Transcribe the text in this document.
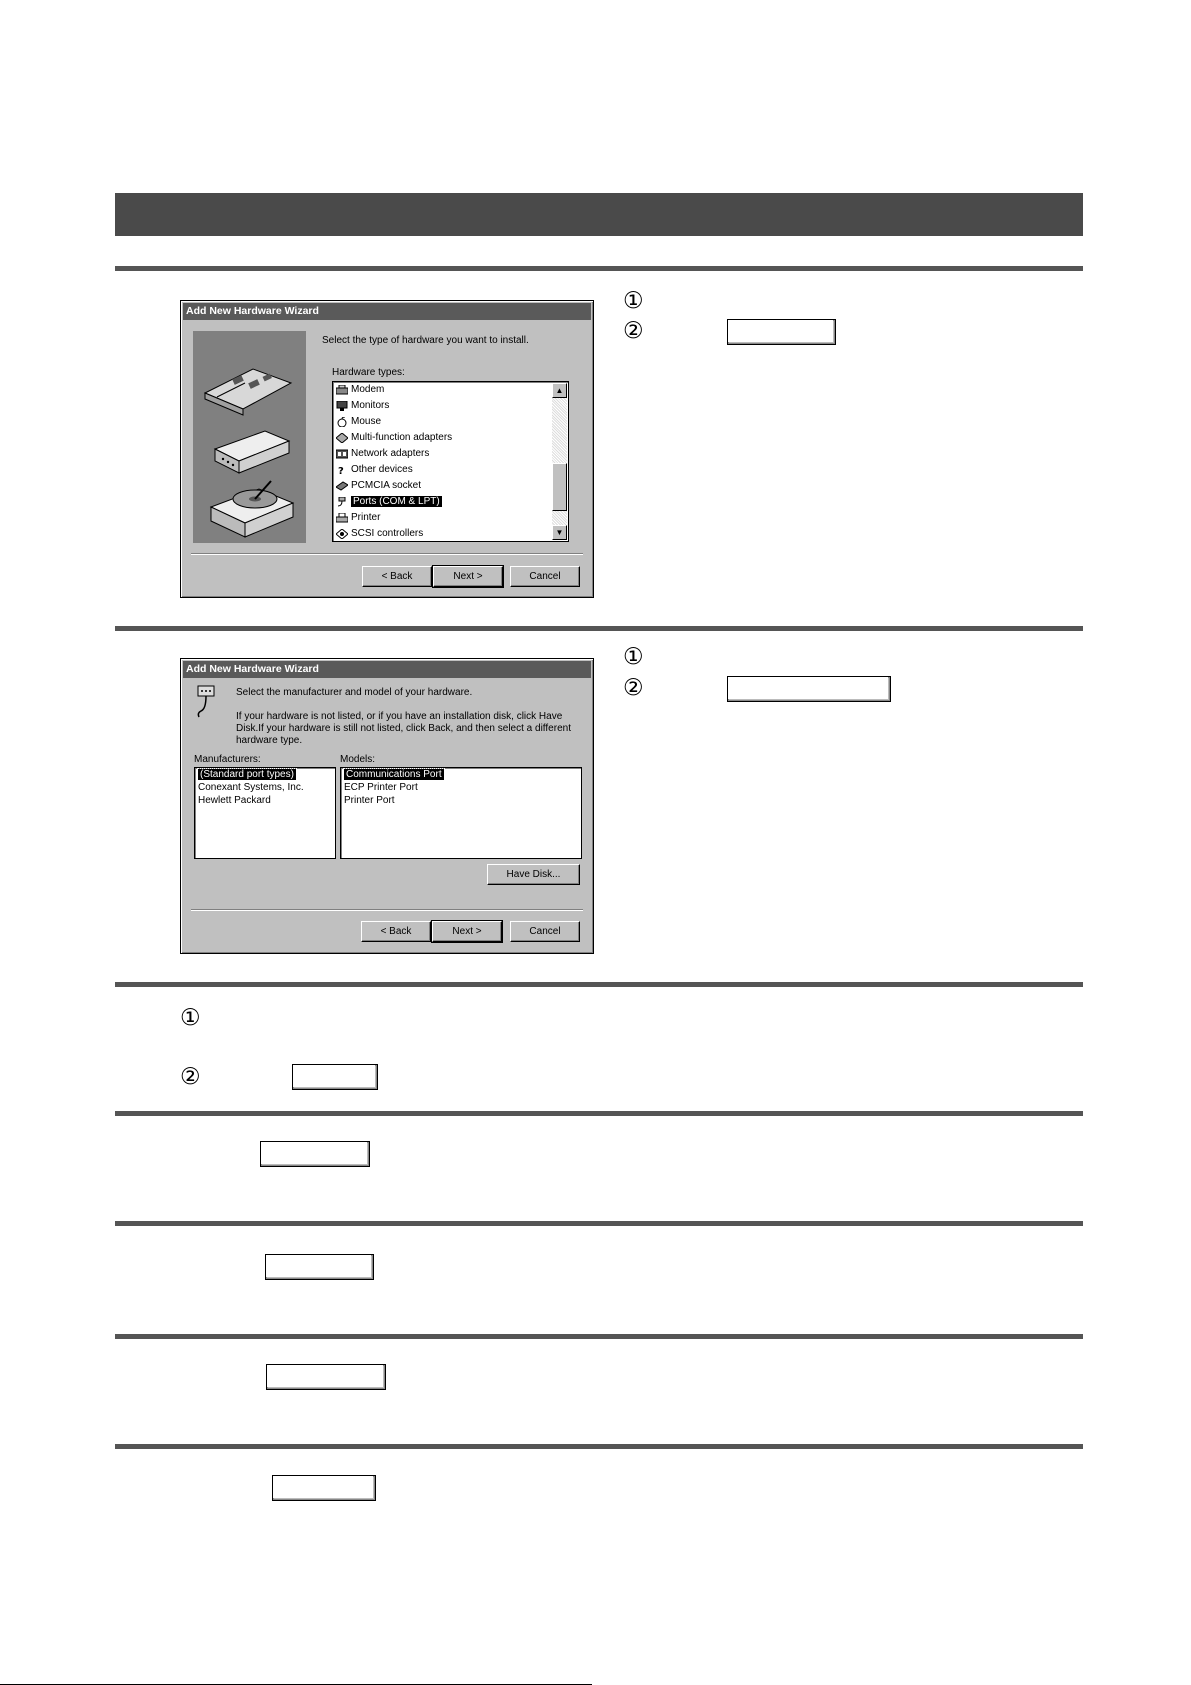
Add New Hardware Wizard
Select the type of hardware you want to install.
Hardware types:
Modem
Monitors
Mouse
Multi-function adapters
Network adapters
? Other devices
PCMCIA socket
Ports (COM & LPT)
Printer
SCSI controllers
▲
▼
< Back	Next >	Cancel
①
②
Add New Hardware Wizard
Select the manufacturer and model of your hardware.
If your hardware is not listed, or if you have an installation disk, click Have Disk.If your hardware is still not listed, click Back, and then select a different hardware type.
Manufacturers:
(Standard port types)
Conexant Systems, Inc.
Hewlett Packard
Models:
Communications Port
ECP Printer Port
Printer Port
Have Disk...
< Back	Next >	Cancel
①
②
①
②
